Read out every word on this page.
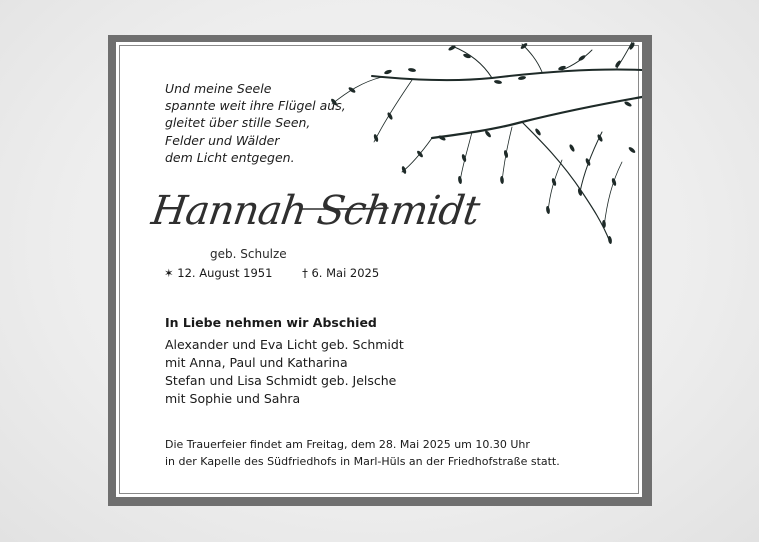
Und meine Seele
spannte weit ihre Flügel aus,
gleitet über stille Seen,
Felder und Wälder
dem Licht entgegen.
Hannah Schmidt
geb. Schulze
✶ 12. August 1951	† 6. Mai 2025
In Liebe nehmen wir Abschied
Alexander und Eva Licht geb. Schmidt
mit Anna, Paul und Katharina
Stefan und Lisa Schmidt geb. Jelsche
mit Sophie und Sahra
Die Trauerfeier findet am Freitag, dem 28. Mai 2025 um 10.30 Uhr
in der Kapelle des Südfriedhofs in Marl-Hüls an der Friedhofstraße statt.
